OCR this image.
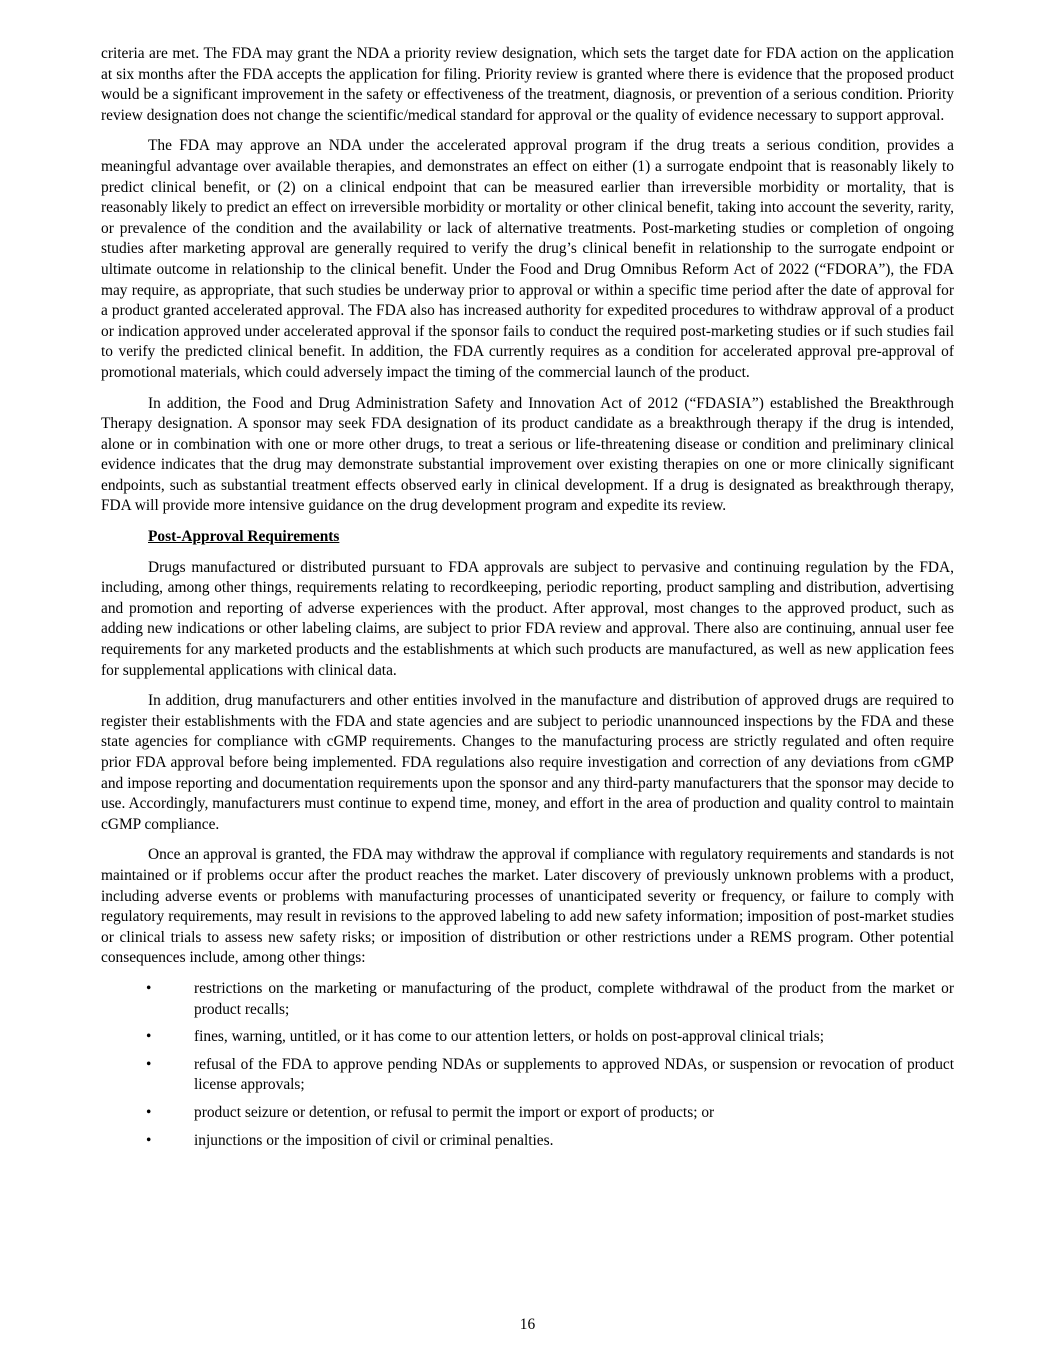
criteria are met. The FDA may grant the NDA a priority review designation, which sets the target date for FDA action on the application at six months after the FDA accepts the application for filing. Priority review is granted where there is evidence that the proposed product would be a significant improvement in the safety or effectiveness of the treatment, diagnosis, or prevention of a serious condition. Priority review designation does not change the scientific/medical standard for approval or the quality of evidence necessary to support approval.

The FDA may approve an NDA under the accelerated approval program if the drug treats a serious condition, provides a meaningful advantage over available therapies, and demonstrates an effect on either (1) a surrogate endpoint that is reasonably likely to predict clinical benefit, or (2) on a clinical endpoint that can be measured earlier than irreversible morbidity or mortality, that is reasonably likely to predict an effect on irreversible morbidity or mortality or other clinical benefit, taking into account the severity, rarity, or prevalence of the condition and the availability or lack of alternative treatments. Post-marketing studies or completion of ongoing studies after marketing approval are generally required to verify the drug’s clinical benefit in relationship to the surrogate endpoint or ultimate outcome in relationship to the clinical benefit. Under the Food and Drug Omnibus Reform Act of 2022 (“FDORA”), the FDA may require, as appropriate, that such studies be underway prior to approval or within a specific time period after the date of approval for a product granted accelerated approval. The FDA also has increased authority for expedited procedures to withdraw approval of a product or indication approved under accelerated approval if the sponsor fails to conduct the required post-marketing studies or if such studies fail to verify the predicted clinical benefit. In addition, the FDA currently requires as a condition for accelerated approval pre-approval of promotional materials, which could adversely impact the timing of the commercial launch of the product.

In addition, the Food and Drug Administration Safety and Innovation Act of 2012 (“FDASIA”) established the Breakthrough Therapy designation. A sponsor may seek FDA designation of its product candidate as a breakthrough therapy if the drug is intended, alone or in combination with one or more other drugs, to treat a serious or life-threatening disease or condition and preliminary clinical evidence indicates that the drug may demonstrate substantial improvement over existing therapies on one or more clinically significant endpoints, such as substantial treatment effects observed early in clinical development. If a drug is designated as breakthrough therapy, FDA will provide more intensive guidance on the drug development program and expedite its review.

Post-Approval Requirements

Drugs manufactured or distributed pursuant to FDA approvals are subject to pervasive and continuing regulation by the FDA, including, among other things, requirements relating to recordkeeping, periodic reporting, product sampling and distribution, advertising and promotion and reporting of adverse experiences with the product. After approval, most changes to the approved product, such as adding new indications or other labeling claims, are subject to prior FDA review and approval. There also are continuing, annual user fee requirements for any marketed products and the establishments at which such products are manufactured, as well as new application fees for supplemental applications with clinical data.

In addition, drug manufacturers and other entities involved in the manufacture and distribution of approved drugs are required to register their establishments with the FDA and state agencies and are subject to periodic unannounced inspections by the FDA and these state agencies for compliance with cGMP requirements. Changes to the manufacturing process are strictly regulated and often require prior FDA approval before being implemented. FDA regulations also require investigation and correction of any deviations from cGMP and impose reporting and documentation requirements upon the sponsor and any third-party manufacturers that the sponsor may decide to use. Accordingly, manufacturers must continue to expend time, money, and effort in the area of production and quality control to maintain cGMP compliance.

Once an approval is granted, the FDA may withdraw the approval if compliance with regulatory requirements and standards is not maintained or if problems occur after the product reaches the market. Later discovery of previously unknown problems with a product, including adverse events or problems with manufacturing processes of unanticipated severity or frequency, or failure to comply with regulatory requirements, may result in revisions to the approved labeling to add new safety information; imposition of post-market studies or clinical trials to assess new safety risks; or imposition of distribution or other restrictions under a REMS program. Other potential consequences include, among other things:

•	restrictions on the marketing or manufacturing of the product, complete withdrawal of the product from the market or product recalls;
•	fines, warning, untitled, or it has come to our attention letters, or holds on post-approval clinical trials;
•	refusal of the FDA to approve pending NDAs or supplements to approved NDAs, or suspension or revocation of product license approvals;
•	product seizure or detention, or refusal to permit the import or export of products; or
•	injunctions or the imposition of civil or criminal penalties.
16
